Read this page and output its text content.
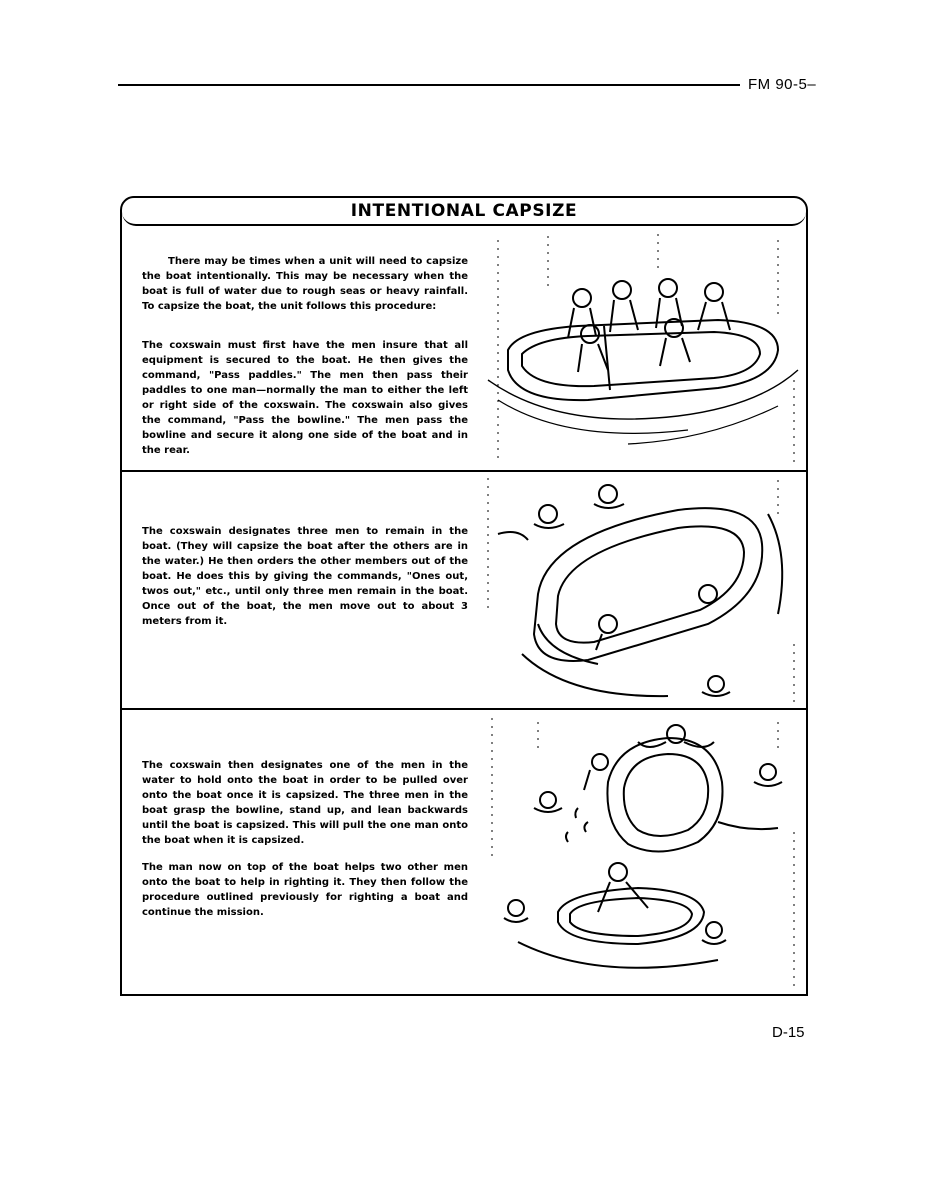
FM 90-5–
INTENTIONAL CAPSIZE

There may be times when a unit will need to capsize the boat intentionally. This may be necessary when the boat is full of water due to rough seas or heavy rainfall. To capsize the boat, the unit follows this procedure:

The coxswain must first have the men insure that all equipment is secured to the boat. He then gives the command, "Pass paddles." The men then pass their paddles to one man—normally the man to either the left or right side of the coxswain. The coxswain also gives the command, "Pass the bowline." The men pass the bowline and secure it along one side of the boat and in the rear.

The coxswain designates three men to remain in the boat. (They will capsize the boat after the others are in the water.) He then orders the other members out of the boat. He does this by giving the commands, "Ones out, twos out," etc., until only three men remain in the boat. Once out of the boat, the men move out to about 3 meters from it.

The coxswain then designates one of the men in the water to hold onto the boat in order to be pulled over onto the boat once it is capsized. The three men in the boat grasp the bowline, stand up, and lean backwards until the boat is capsized. This will pull the one man onto the boat when it is capsized.

The man now on top of the boat helps two other men onto the boat to help in righting it. They then follow the procedure outlined previously for righting a boat and continue the mission.

D-15
